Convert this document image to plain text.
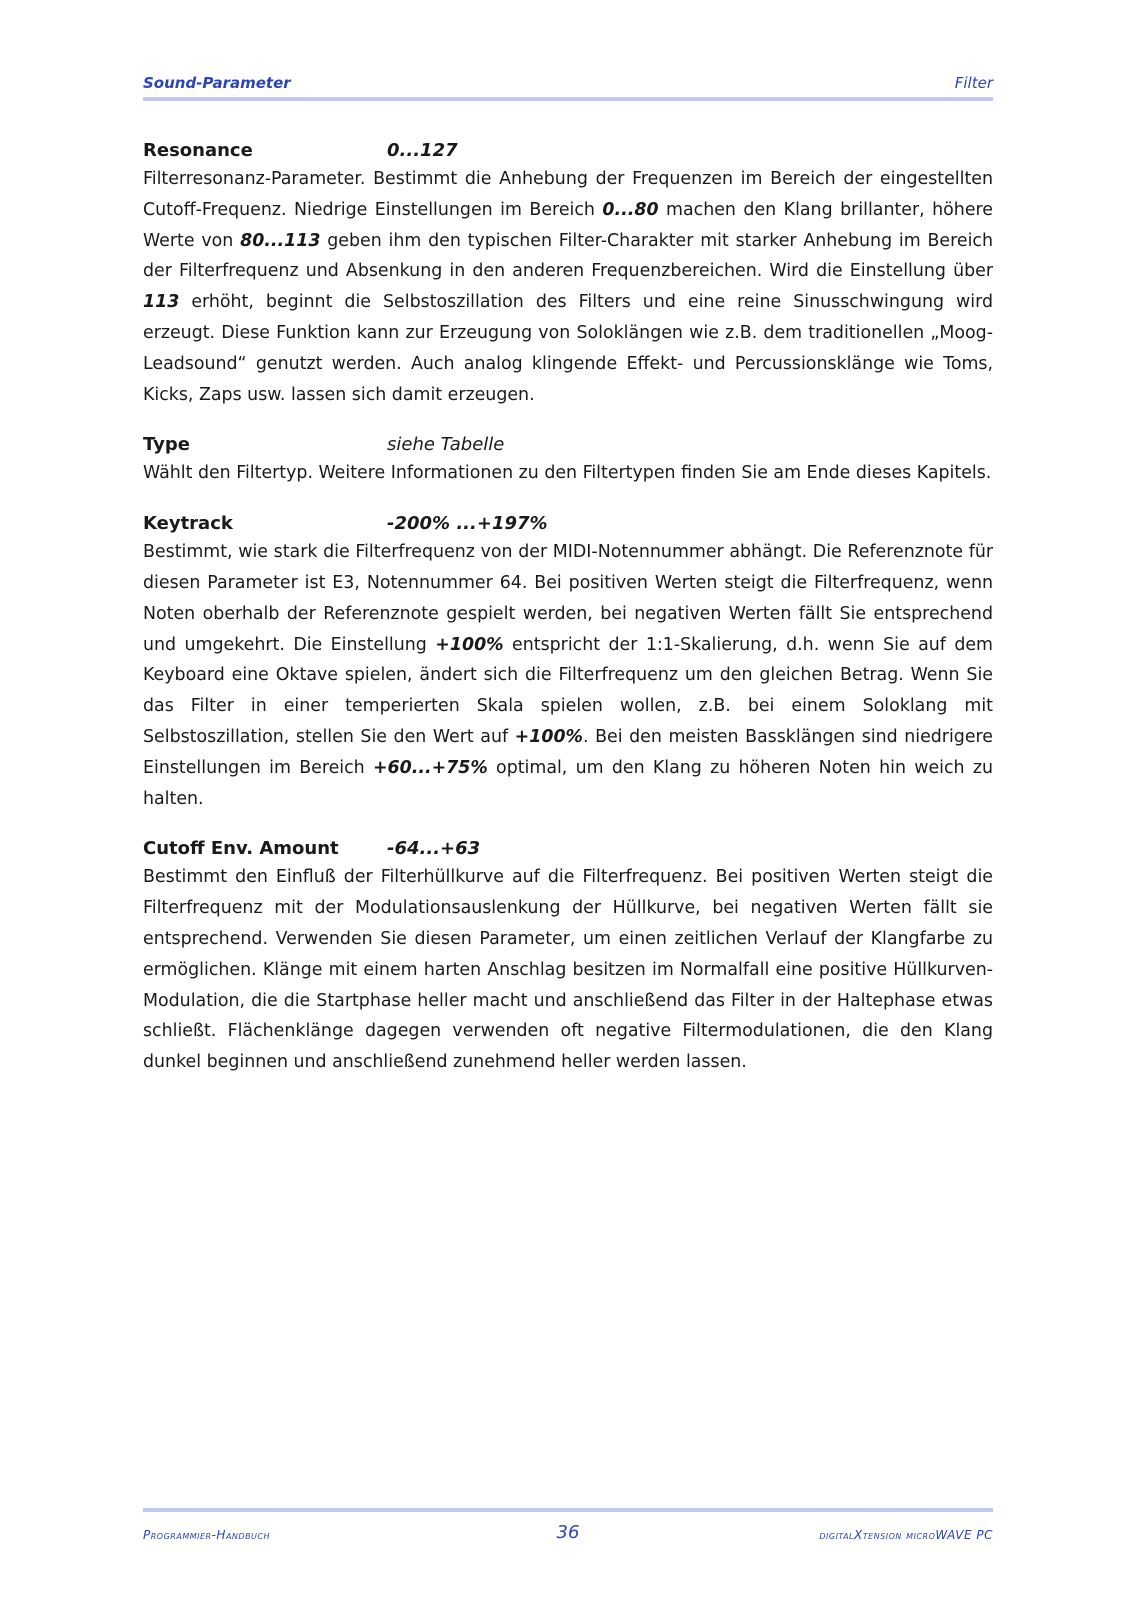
Sound-Parameter	Filter
Resonance	0...127

Filterresonanz-Parameter. Bestimmt die Anhebung der Frequenzen im Bereich der eingestellten Cutoff-Frequenz. Niedrige Einstellungen im Bereich 0...80 machen den Klang brillanter, höhere Werte von 80...113 geben ihm den typischen Filter-Charakter mit starker Anhebung im Bereich der Filterfrequenz und Absenkung in den anderen Frequenzbereichen. Wird die Einstellung über 113 erhöht, beginnt die Selbstoszillation des Filters und eine reine Sinusschwingung wird erzeugt. Diese Funktion kann zur Erzeugung von Soloklängen wie z.B. dem traditionellen „Moog-Leadsound“ genutzt werden. Auch analog klingende Effekt- und Percussionsklänge wie Toms, Kicks, Zaps usw. lassen sich damit erzeugen.

Type	siehe Tabelle

Wählt den Filtertyp. Weitere Informationen zu den Filtertypen finden Sie am Ende dieses Kapitels.

Keytrack	-200% ...+197%

Bestimmt, wie stark die Filterfrequenz von der MIDI-Notennummer abhängt. Die Referenznote für diesen Parameter ist E3, Notennummer 64. Bei positiven Werten steigt die Filterfrequenz, wenn Noten oberhalb der Referenznote gespielt werden, bei negativen Werten fällt Sie entsprechend und umgekehrt. Die Einstellung +100% entspricht der 1:1-Skalierung, d.h. wenn Sie auf dem Keyboard eine Oktave spielen, ändert sich die Filterfrequenz um den gleichen Betrag. Wenn Sie das Filter in einer temperierten Skala spielen wollen, z.B. bei einem Soloklang mit Selbstoszillation, stellen Sie den Wert auf +100%. Bei den meisten Bassklängen sind niedrigere Einstellungen im Bereich +60...+75% optimal, um den Klang zu höheren Noten hin weich zu halten.

Cutoff Env. Amount	-64...+63

Bestimmt den Einfluß der Filterhüllkurve auf die Filterfrequenz. Bei positiven Werten steigt die Filterfrequenz mit der Modulationsauslenkung der Hüllkurve, bei negativen Werten fällt sie entsprechend. Verwenden Sie diesen Parameter, um einen zeitlichen Verlauf der Klangfarbe zu ermöglichen. Klänge mit einem harten Anschlag besitzen im Normalfall eine positive Hüllkurven-Modulation, die die Startphase heller macht und anschließend das Filter in der Haltephase etwas schließt. Flächenklänge dagegen verwenden oft negative Filtermodulationen, die den Klang dunkel beginnen und anschließend zunehmend heller werden lassen.

Programmier-Handbuch	36	digitalXtension microWAVE PC
